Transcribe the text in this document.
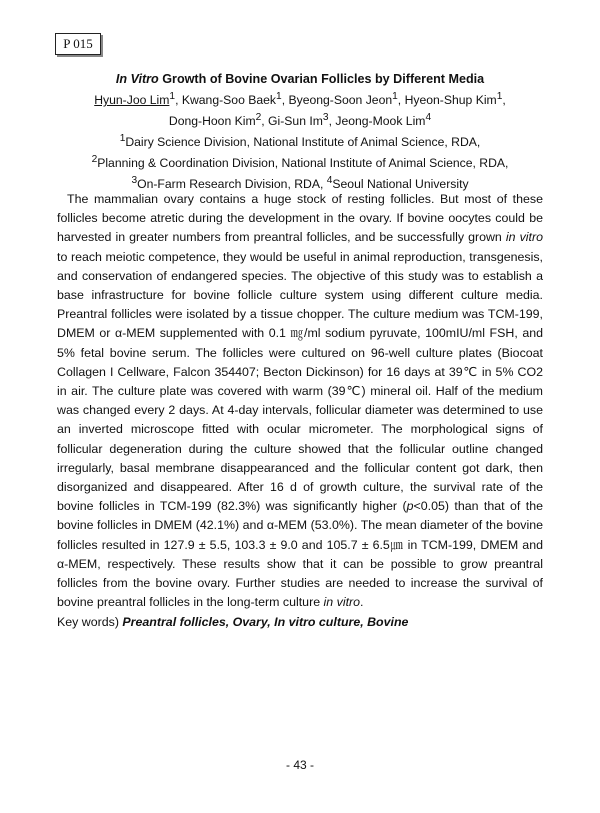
P 015
In Vitro Growth of Bovine Ovarian Follicles by Different Media
Hyun-Joo Lim$^1$, Kwang-Soo Baek$^1$, Byeong-Soon Jeon$^1$, Hyeon-Shup Kim$^1$,
Dong-Hoon Kim$^2$, Gi-Sun Im$^3$, Jeong-Mook Lim$^4$
$^1$Dairy Science Division, National Institute of Animal Science, RDA,
$^2$Planning & Coordination Division, National Institute of Animal Science, RDA,
$^3$On-Farm Research Division, RDA, $^4$Seoul National University

The mammalian ovary contains a huge stock of resting follicles. But most of these follicles become atretic during the development in the ovary. If bovine oocytes could be harvested in greater numbers from preantral follicles, and be successfully grown in vitro to reach meiotic competence, they would be useful in animal reproduction, transgenesis, and conservation of endangered species. The objective of this study was to establish a base infrastructure for bovine follicle culture system using different culture media. Preantral follicles were isolated by a tissue chopper. The culture medium was TCM-199, DMEM or α-MEM supplemented with 0.1 ㎎/ml sodium pyruvate, 100mIU/ml FSH, and 5% fetal bovine serum. The follicles were cultured on 96-well culture plates (Biocoat Collagen I Cellware, Falcon 354407; Becton Dickinson) for 16 days at 39℃ in 5% CO2 in air. The culture plate was covered with warm (39℃) mineral oil. Half of the medium was changed every 2 days. At 4-day intervals, follicular diameter was determined to use an inverted microscope fitted with ocular micrometer. The morphological signs of follicular degeneration during the culture showed that the follicular outline changed irregularly, basal membrane disappearanced and the follicular content got dark, then disorganized and disappeared. After 16 d of growth culture, the survival rate of the bovine follicles in TCM-199 (82.3%) was significantly higher (p<0.05) than that of the bovine follicles in DMEM (42.1%) and α-MEM (53.0%). The mean diameter of the bovine follicles resulted in 127.9 ± 5.5, 103.3 ± 9.0 and 105.7 ± 6.5㎛ in TCM-199, DMEM and α-MEM, respectively. These results show that it can be possible to grow preantral follicles from the bovine ovary. Further studies are needed to increase the survival of bovine preantral follicles in the long-term culture in vitro.

Key words) Preantral follicles, Ovary, In vitro culture, Bovine
- 43 -
